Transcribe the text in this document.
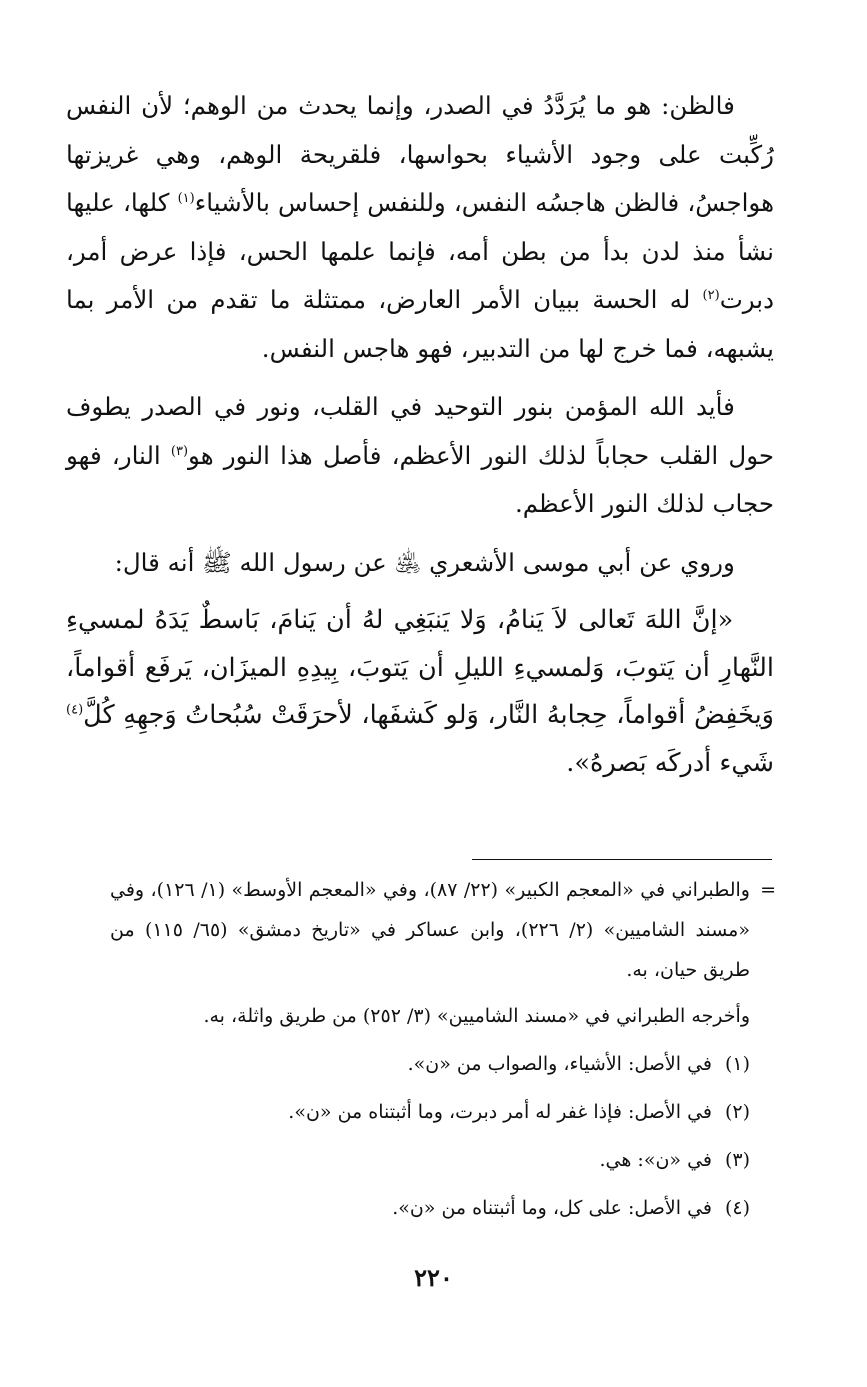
فالظن: هو ما يُرَدَّدُ في الصدر، وإنما يحدث من الوهم؛ لأن النفس رُكِّبت على وجود الأشياء بحواسها، فلقريحة الوهم، وهي غريزتها هواجسُ، فالظن هاجسُه النفس، وللنفس إحساس بالأشياء$^{(١)}$ كلها، عليها نشأ منذ لدن بدأ من بطن أمه، فإنما علمها الحس، فإذا عرض أمر، دبرت$^{(٢)}$ له الحسة ببيان الأمر العارض، ممتثلة ما تقدم من الأمر بما يشبهه، فما خرج لها من التدبير، فهو هاجس النفس.

فأيد الله المؤمن بنور التوحيد في القلب، ونور في الصدر يطوف حول القلب حجاباً لذلك النور الأعظم، فأصل هذا النور هو$^{(٣)}$ النار، فهو حجاب لذلك النور الأعظم.

وروي عن أبي موسى الأشعري ﵁ عن رسول الله ﷺ أنه قال:

«إنَّ اللهَ تَعالى لاَ يَنامُ، وَلا يَنبَغِي لهُ أن يَنامَ، بَاسطٌ يَدَهُ لمسيءِ النَّهارِ أن يَتوبَ، وَلمسيءِ الليلِ أن يَتوبَ، بِيدِهِ الميزَان، يَرفَع أقواماً، وَيخَفِضُ أقواماً، حِجابهُ النَّار، وَلو كَشفَها، لأحرَقَتْ سُبُحاتُ وَجهِهِ كُلَّ$^{(٤)}$ شَيء أدركَه بَصرهُ».

=

والطبراني في «المعجم الكبير» (٢٢/ ٨٧)، وفي «المعجم الأوسط» (١/ ١٢٦)، وفي «مسند الشاميين» (٢/ ٢٢٦)، وابن عساكر في «تاريخ دمشق» (٦٥/ ١١٥) من طريق حيان، به.

وأخرجه الطبراني في «مسند الشاميين» (٣/ ٢٥٢) من طريق واثلة، به.

(١)
في الأصل: الأشياء، والصواب من «ن».
(٢)
في الأصل: فإذا غفر له أمر دبرت، وما أثبتناه من «ن».
(٣)
في «ن»: هي.
(٤)
في الأصل: على كل، وما أثبتناه من «ن».
٢٢٠
